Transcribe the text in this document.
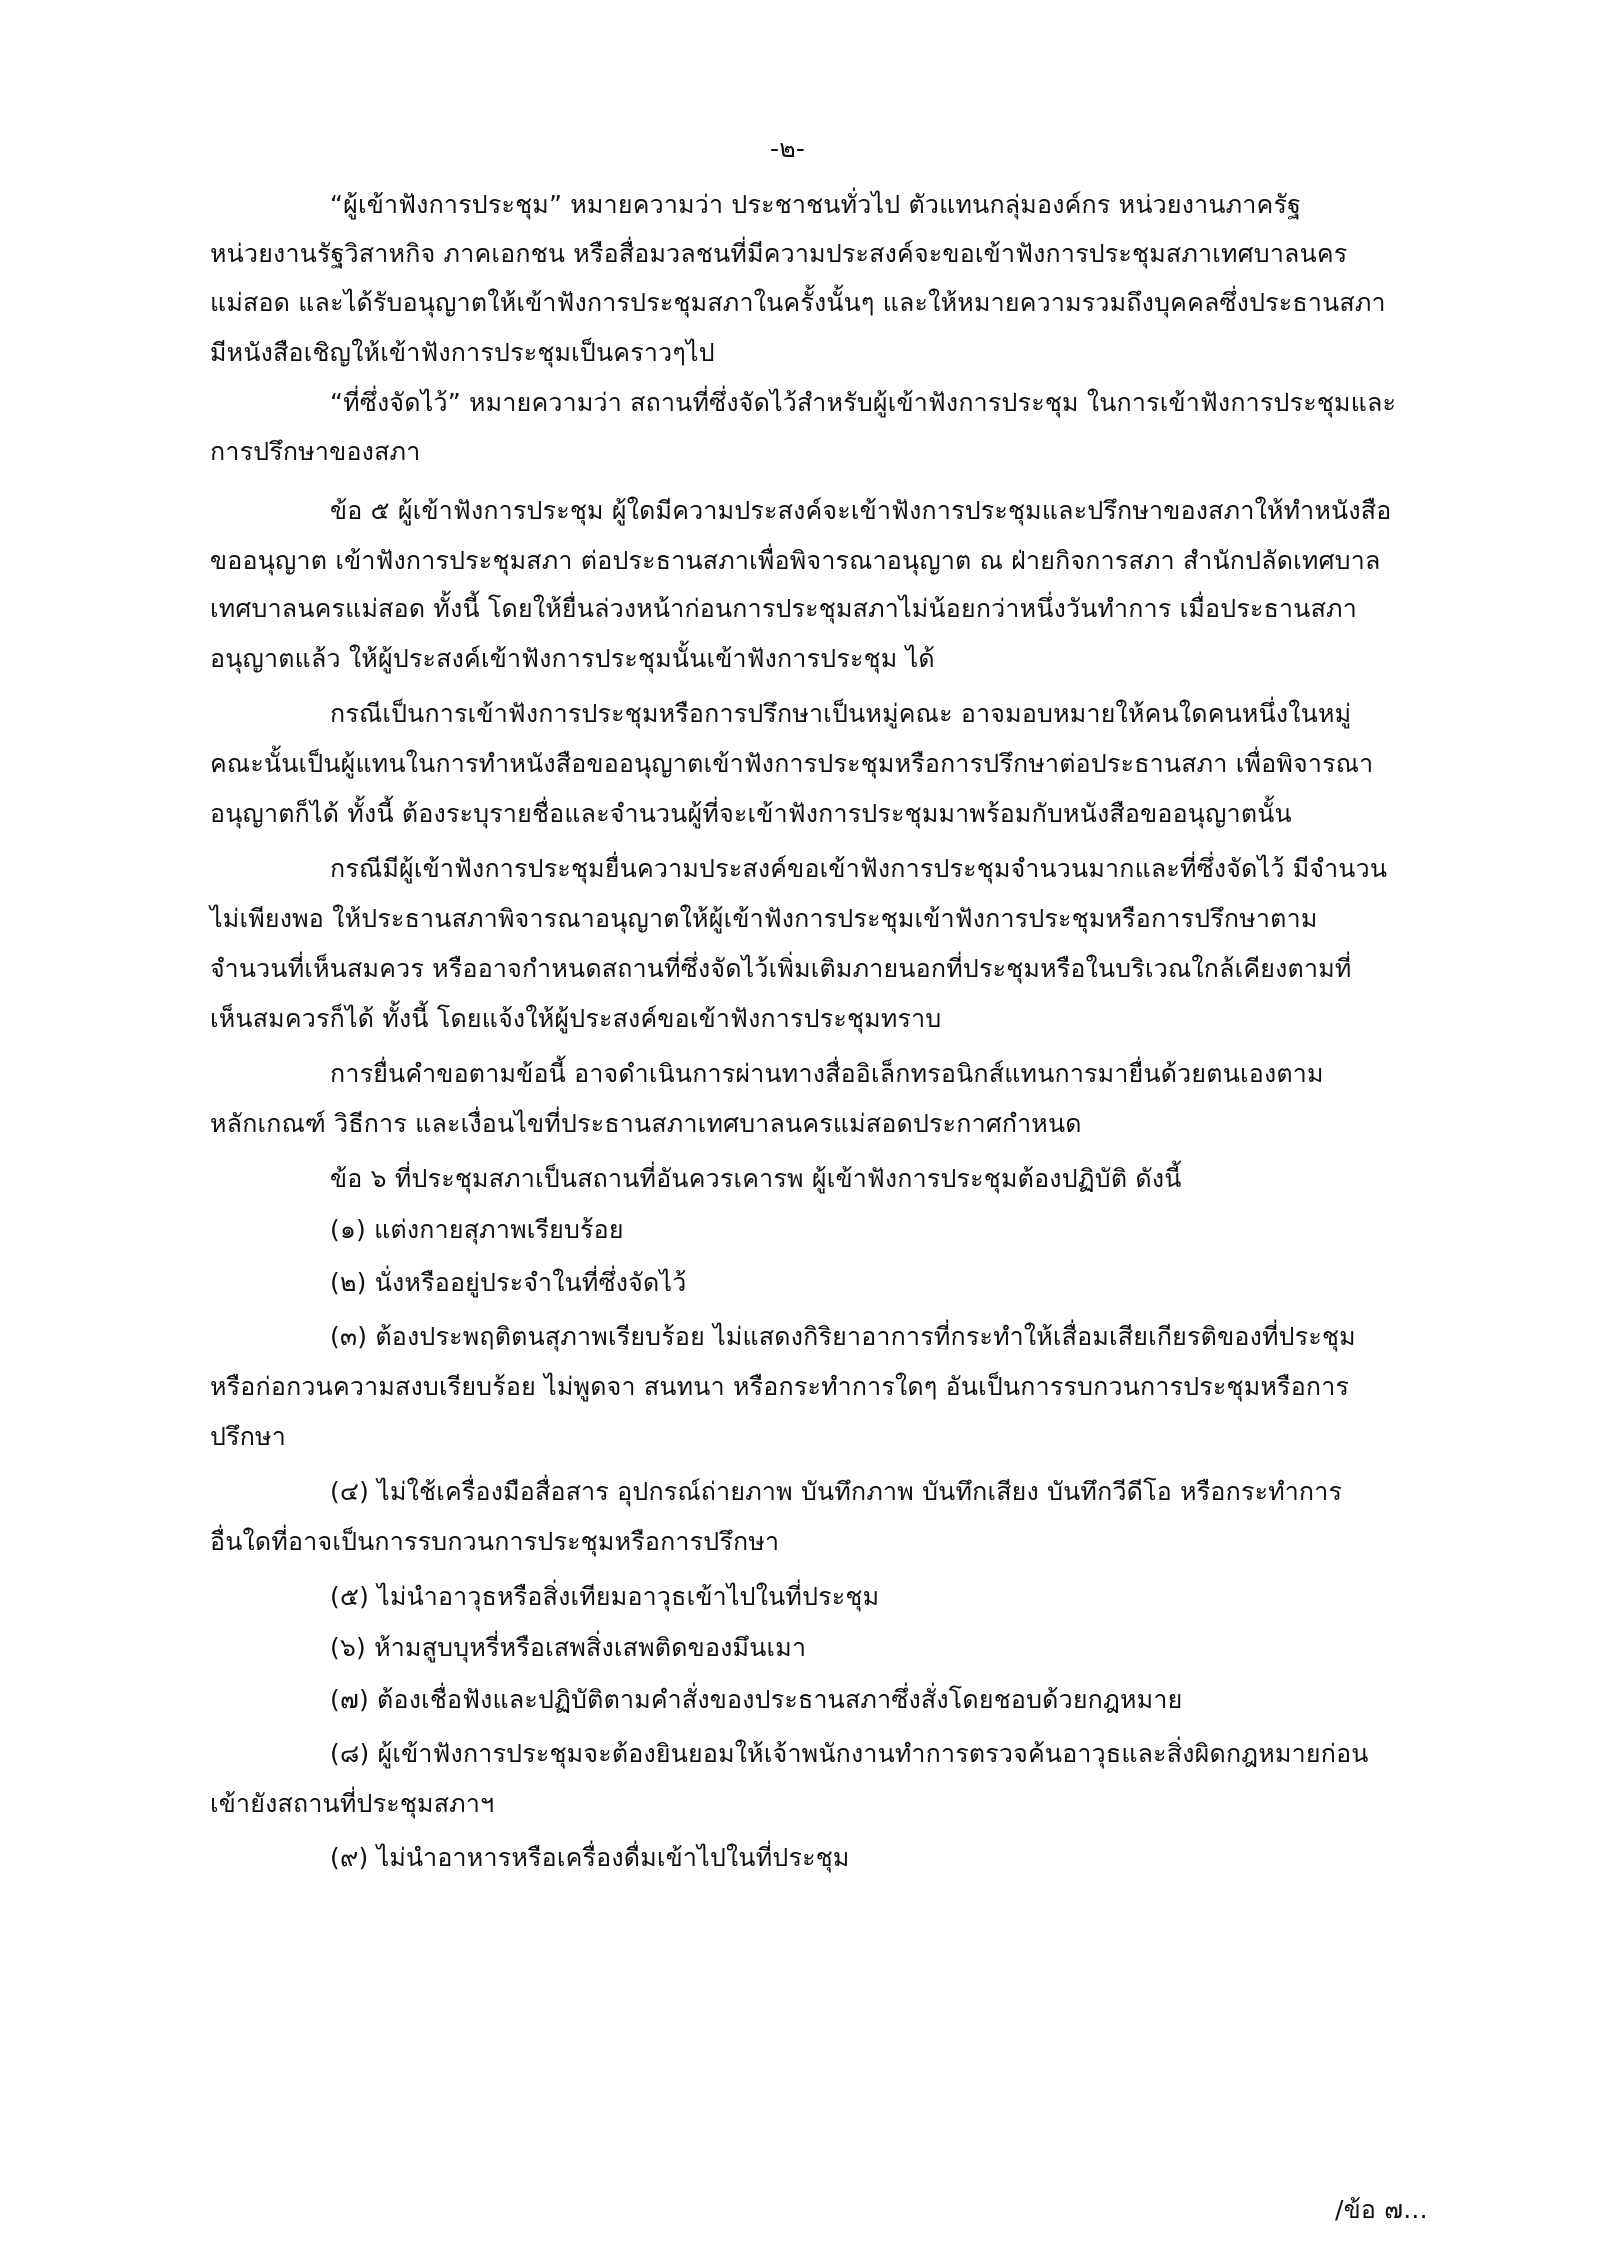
-๒-
“ผู้เข้าฟังการประชุม” หมายความว่า ประชาชนทั่วไป ตัวแทนกลุ่มองค์กร หน่วยงานภาครัฐ
หน่วยงานรัฐวิสาหกิจ ภาคเอกชน หรือสื่อมวลชนที่มีความประสงค์จะขอเข้าฟังการประชุมสภาเทศบาลนคร
แม่สอด และได้รับอนุญาตให้เข้าฟังการประชุมสภาในครั้งนั้นๆ และให้หมายความรวมถึงบุคคลซึ่งประธานสภา
มีหนังสือเชิญให้เข้าฟังการประชุมเป็นคราวๆไป
“ที่ซึ่งจัดไว้” หมายความว่า สถานที่ซึ่งจัดไว้สำหรับผู้เข้าฟังการประชุม ในการเข้าฟังการประชุมและ
การปรึกษาของสภา
ข้อ ๕ ผู้เข้าฟังการประชุม ผู้ใดมีความประสงค์จะเข้าฟังการประชุมและปรึกษาของสภาให้ทำหนังสือ
ขออนุญาต เข้าฟังการประชุมสภา ต่อประธานสภาเพื่อพิจารณาอนุญาต ณ ฝ่ายกิจการสภา สำนักปลัดเทศบาล
เทศบาลนครแม่สอด ทั้งนี้ โดยให้ยื่นล่วงหน้าก่อนการประชุมสภาไม่น้อยกว่าหนึ่งวันทำการ เมื่อประธานสภา
อนุญาตแล้ว ให้ผู้ประสงค์เข้าฟังการประชุมนั้นเข้าฟังการประชุม ได้
กรณีเป็นการเข้าฟังการประชุมหรือการปรึกษาเป็นหมู่คณะ อาจมอบหมายให้คนใดคนหนึ่งในหมู่
คณะนั้นเป็นผู้แทนในการทำหนังสือขออนุญาตเข้าฟังการประชุมหรือการปรึกษาต่อประธานสภา เพื่อพิจารณา
อนุญาตก็ได้ ทั้งนี้ ต้องระบุรายชื่อและจำนวนผู้ที่จะเข้าฟังการประชุมมาพร้อมกับหนังสือขออนุญาตนั้น
กรณีมีผู้เข้าฟังการประชุมยื่นความประสงค์ขอเข้าฟังการประชุมจำนวนมากและที่ซึ่งจัดไว้ มีจำนวน
ไม่เพียงพอ ให้ประธานสภาพิจารณาอนุญาตให้ผู้เข้าฟังการประชุมเข้าฟังการประชุมหรือการปรึกษาตาม
จำนวนที่เห็นสมควร หรืออาจกำหนดสถานที่ซึ่งจัดไว้เพิ่มเติมภายนอกที่ประชุมหรือในบริเวณใกล้เคียงตามที่
เห็นสมควรก็ได้ ทั้งนี้ โดยแจ้งให้ผู้ประสงค์ขอเข้าฟังการประชุมทราบ
การยื่นคำขอตามข้อนี้ อาจดำเนินการผ่านทางสื่ออิเล็กทรอนิกส์แทนการมายื่นด้วยตนเองตาม
หลักเกณฑ์ วิธีการ และเงื่อนไขที่ประธานสภาเทศบาลนครแม่สอดประกาศกำหนด
ข้อ ๖ ที่ประชุมสภาเป็นสถานที่อันควรเคารพ ผู้เข้าฟังการประชุมต้องปฏิบัติ ดังนี้
(๑) แต่งกายสุภาพเรียบร้อย
(๒) นั่งหรืออยู่ประจำในที่ซึ่งจัดไว้
(๓) ต้องประพฤติตนสุภาพเรียบร้อย ไม่แสดงกิริยาอาการที่กระทำให้เสื่อมเสียเกียรติของที่ประชุม
หรือก่อกวนความสงบเรียบร้อย ไม่พูดจา สนทนา หรือกระทำการใดๆ อันเป็นการรบกวนการประชุมหรือการ
ปรึกษา
(๔) ไม่ใช้เครื่องมือสื่อสาร อุปกรณ์ถ่ายภาพ บันทึกภาพ บันทึกเสียง บันทึกวีดีโอ หรือกระทำการ
อื่นใดที่อาจเป็นการรบกวนการประชุมหรือการปรึกษา
(๕) ไม่นำอาวุธหรือสิ่งเทียมอาวุธเข้าไปในที่ประชุม
(๖) ห้ามสูบบุหรี่หรือเสพสิ่งเสพติดของมึนเมา
(๗) ต้องเชื่อฟังและปฏิบัติตามคำสั่งของประธานสภาซึ่งสั่งโดยชอบด้วยกฎหมาย
(๘) ผู้เข้าฟังการประชุมจะต้องยินยอมให้เจ้าพนักงานทำการตรวจค้นอาวุธและสิ่งผิดกฎหมายก่อน
เข้ายังสถานที่ประชุมสภาฯ
(๙) ไม่นำอาหารหรือเครื่องดื่มเข้าไปในที่ประชุม
/ข้อ ๗...
